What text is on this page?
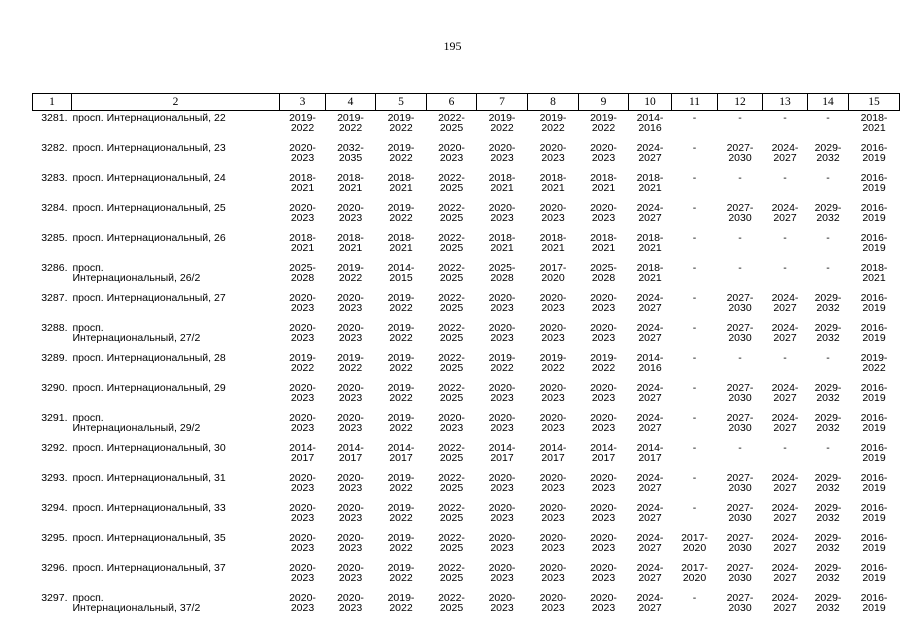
195
1	2	3	4	5	6	7	8	9	10	11	12	13	14	15
3281.	просп. Интернациональный, 22	2019-
2022	2019-
2022	2019-
2022	2022-
2025	2019-
2022	2019-
2022	2019-
2022	2014-
2016	-	-	-	-	2018-
2021

3282.	просп. Интернациональный, 23	2020-
2023	2032-
2035	2019-
2022	2020-
2023	2020-
2023	2020-
2023	2020-
2023	2024-
2027	-	2027-
2030	2024-
2027	2029-
2032	2016-
2019

3283.	просп. Интернациональный, 24	2018-
2021	2018-
2021	2018-
2021	2022-
2025	2018-
2021	2018-
2021	2018-
2021	2018-
2021	-	-	-	-	2016-
2019

3284.	просп. Интернациональный, 25	2020-
2023	2020-
2023	2019-
2022	2022-
2025	2020-
2023	2020-
2023	2020-
2023	2024-
2027	-	2027-
2030	2024-
2027	2029-
2032	2016-
2019

3285.	просп. Интернациональный, 26	2018-
2021	2018-
2021	2018-
2021	2022-
2025	2018-
2021	2018-
2021	2018-
2021	2018-
2021	-	-	-	-	2016-
2019

3286.	просп.
Интернациональный, 26/2	2025-
2028	2019-
2022	2014-
2015	2022-
2025	2025-
2028	2017-
2020	2025-
2028	2018-
2021	-	-	-	-	2018-
2021

3287.	просп. Интернациональный, 27	2020-
2023	2020-
2023	2019-
2022	2022-
2025	2020-
2023	2020-
2023	2020-
2023	2024-
2027	-	2027-
2030	2024-
2027	2029-
2032	2016-
2019

3288.	просп.
Интернациональный, 27/2	2020-
2023	2020-
2023	2019-
2022	2022-
2025	2020-
2023	2020-
2023	2020-
2023	2024-
2027	-	2027-
2030	2024-
2027	2029-
2032	2016-
2019

3289.	просп. Интернациональный, 28	2019-
2022	2019-
2022	2019-
2022	2022-
2025	2019-
2022	2019-
2022	2019-
2022	2014-
2016	-	-	-	-	2019-
2022

3290.	просп. Интернациональный, 29	2020-
2023	2020-
2023	2019-
2022	2022-
2025	2020-
2023	2020-
2023	2020-
2023	2024-
2027	-	2027-
2030	2024-
2027	2029-
2032	2016-
2019

3291.	просп.
Интернациональный, 29/2	2020-
2023	2020-
2023	2019-
2022	2020-
2023	2020-
2023	2020-
2023	2020-
2023	2024-
2027	-	2027-
2030	2024-
2027	2029-
2032	2016-
2019

3292.	просп. Интернациональный, 30	2014-
2017	2014-
2017	2014-
2017	2022-
2025	2014-
2017	2014-
2017	2014-
2017	2014-
2017	-	-	-	-	2016-
2019

3293.	просп. Интернациональный, 31	2020-
2023	2020-
2023	2019-
2022	2022-
2025	2020-
2023	2020-
2023	2020-
2023	2024-
2027	-	2027-
2030	2024-
2027	2029-
2032	2016-
2019

3294.	просп. Интернациональный, 33	2020-
2023	2020-
2023	2019-
2022	2022-
2025	2020-
2023	2020-
2023	2020-
2023	2024-
2027	-	2027-
2030	2024-
2027	2029-
2032	2016-
2019

3295.	просп. Интернациональный, 35	2020-
2023	2020-
2023	2019-
2022	2022-
2025	2020-
2023	2020-
2023	2020-
2023	2024-
2027	2017-
2020	2027-
2030	2024-
2027	2029-
2032	2016-
2019

3296.	просп. Интернациональный, 37	2020-
2023	2020-
2023	2019-
2022	2022-
2025	2020-
2023	2020-
2023	2020-
2023	2024-
2027	2017-
2020	2027-
2030	2024-
2027	2029-
2032	2016-
2019

3297.	просп.
Интернациональный, 37/2	2020-
2023	2020-
2023	2019-
2022	2022-
2025	2020-
2023	2020-
2023	2020-
2023	2024-
2027	-	2027-
2030	2024-
2027	2029-
2032	2016-
2019
